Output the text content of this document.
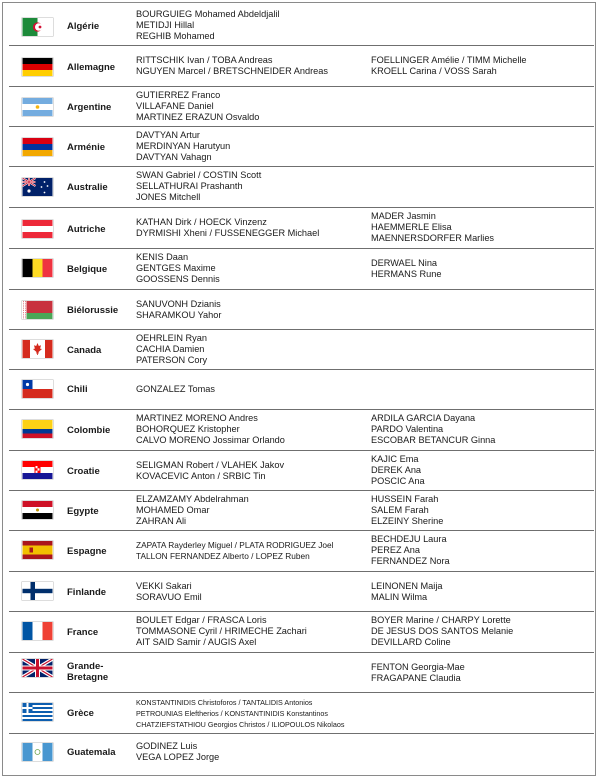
Algérie
BOURGUIEG Mohamed Abdeldjalil
METIDJI Hillal
REGHIB Mohamed
Allemagne
RITTSCHIK Ivan / TOBA Andreas
NGUYEN Marcel / BRETSCHNEIDER Andreas
FOELLINGER Amélie / TIMM Michelle
KROELL Carina / VOSS Sarah
Argentine
GUTIERREZ Franco
VILLAFANE Daniel
MARTINEZ ERAZUN Osvaldo
Arménie
DAVTYAN Artur
MERDINYAN Harutyun
DAVTYAN Vahagn
Australie
SWAN Gabriel / COSTIN Scott
SELLATHURAI Prashanth
JONES Mitchell
Autriche
KATHAN Dirk / HOECK Vinzenz
DYRMISHI Xheni / FUSSENEGGER Michael
MADER Jasmin
HAEMMERLE Elisa
MAENNERSDORFER Marlies
Belgique
KENIS Daan
GENTGES Maxime
GOOSSENS Dennis
DERWAEL Nina
HERMANS Rune
Biélorussie
SANUVONH Dzianis
SHARAMKOU Yahor
Canada
OEHRLEIN Ryan
CACHIA Damien
PATERSON Cory
Chili	GONZALEZ Tomas
Colombie
MARTINEZ MORENO Andres
BOHORQUEZ Kristopher
CALVO MORENO Jossimar Orlando
ARDILA GARCIA Dayana
PARDO Valentina
ESCOBAR BETANCUR Ginna
Croatie
SELIGMAN Robert / VLAHEK Jakov
KOVACEVIC Anton / SRBIC Tin
KAJIC Ema
DEREK Ana
POSCIC Ana
Egypte
ELZAMZAMY Abdelrahman
MOHAMED Omar
ZAHRAN Ali
HUSSEIN Farah
SALEM Farah
ELZEINY Sherine
Espagne
ZAPATA Rayderley Miguel / PLATA RODRIGUEZ Joel
TALLON FERNANDEZ Alberto / LOPEZ Ruben
BECHDEJU Laura
PEREZ Ana
FERNANDEZ Nora
Finlande
VEKKI Sakari
SORAVUO Emil
LEINONEN Maija
MALIN Wilma
France
BOULET Edgar / FRASCA Loris
TOMMASONE Cyril / HRIMECHE Zachari
AIT SAID Samir / AUGIS Axel
BOYER Marine / CHARPY Lorette
DE JESUS DOS SANTOS Melanie
DEVILLARD Coline
Grande-Bretagne
FENTON Georgia-Mae
FRAGAPANE Claudia
Grèce
KONSTANTINIDIS Christoforos / TANTALIDIS Antonios
PETROUNIAS Eleftherios / KONSTANTINIDIS Konstantinos
CHATZIEFSTATHIOU Georgios Christos / ILIOPOULOS Nikolaos
Guatemala
GODINEZ Luis
VEGA LOPEZ Jorge
